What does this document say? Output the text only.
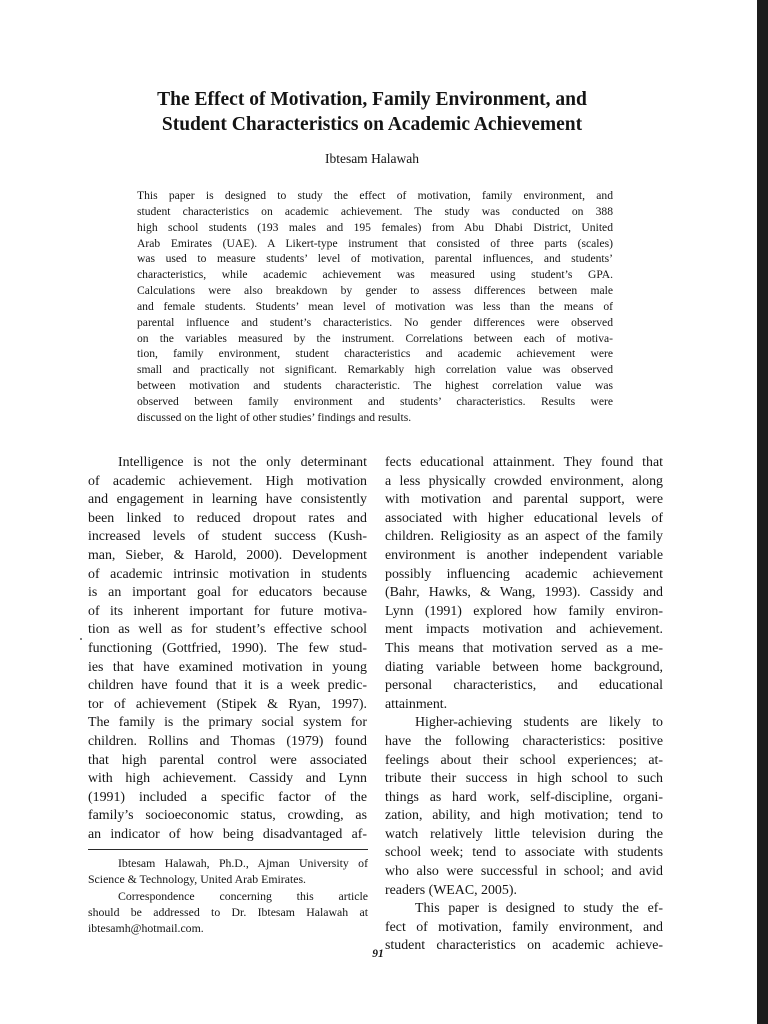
The Effect of Motivation, Family Environment, and
Student Characteristics on Academic Achievement
Ibtesam Halawah
This paper is designed to study the effect of motivation, family environment, and
student characteristics on academic achievement. The study was conducted on 388
high school students (193 males and 195 females) from Abu Dhabi District, United
Arab Emirates (UAE). A Likert-type instrument that consisted of three parts (scales)
was used to measure students’ level of motivation, parental influences, and students’
characteristics, while academic achievement was measured using student’s GPA.
Calculations were also breakdown by gender to assess differences between male
and female students. Students’ mean level of motivation was less than the means of
parental influence and student’s characteristics. No gender differences were observed
on the variables measured by the instrument. Correlations between each of motiva-
tion, family environment, student characteristics and academic achievement were
small and practically not significant. Remarkably high correlation value was observed
between motivation and students characteristic. The highest correlation value was
observed between family environment and students’ characteristics. Results were
discussed on the light of other studies’ findings and results.
Intelligence is not the only determinant
of academic achievement. High motivation
and engagement in learning have consistently
been linked to reduced dropout rates and
increased levels of student success (Kush-
man, Sieber, & Harold, 2000). Development
of academic intrinsic motivation in students
is an important goal for educators because
of its inherent important for future motiva-
tion as well as for student’s effective school
functioning (Gottfried, 1990). The few stud-
ies that have examined motivation in young
children have found that it is a week predic-
tor of achievement (Stipek & Ryan, 1997).
The family is the primary social system for
children. Rollins and Thomas (1979) found
that high parental control were associated
with high achievement. Cassidy and Lynn
(1991) included a specific factor of the
family’s socioeconomic status, crowding, as
an indicator of how being disadvantaged af-
Ibtesam Halawah, Ph.D., Ajman University of
Science & Technology, United Arab Emirates.
Correspondence concerning this article
should be addressed to Dr. Ibtesam Halawah at
ibtesamh@hotmail.com.
fects educational attainment. They found that
a less physically crowded environment, along
with motivation and parental support, were
associated with higher educational levels of
children. Religiosity as an aspect of the family
environment is another independent variable
possibly influencing academic achievement
(Bahr, Hawks, & Wang, 1993). Cassidy and
Lynn (1991) explored how family environ-
ment impacts motivation and achievement.
This means that motivation served as a me-
diating variable between home background,
personal characteristics, and educational
attainment.
Higher-achieving students are likely to
have the following characteristics: positive
feelings about their school experiences; at-
tribute their success in high school to such
things as hard work, self-discipline, organi-
zation, ability, and high motivation; tend to
watch relatively little television during the
school week; tend to associate with students
who also were successful in school; and avid
readers (WEAC, 2005).
This paper is designed to study the ef-
fect of motivation, family environment, and
student characteristics on academic achieve-
91
